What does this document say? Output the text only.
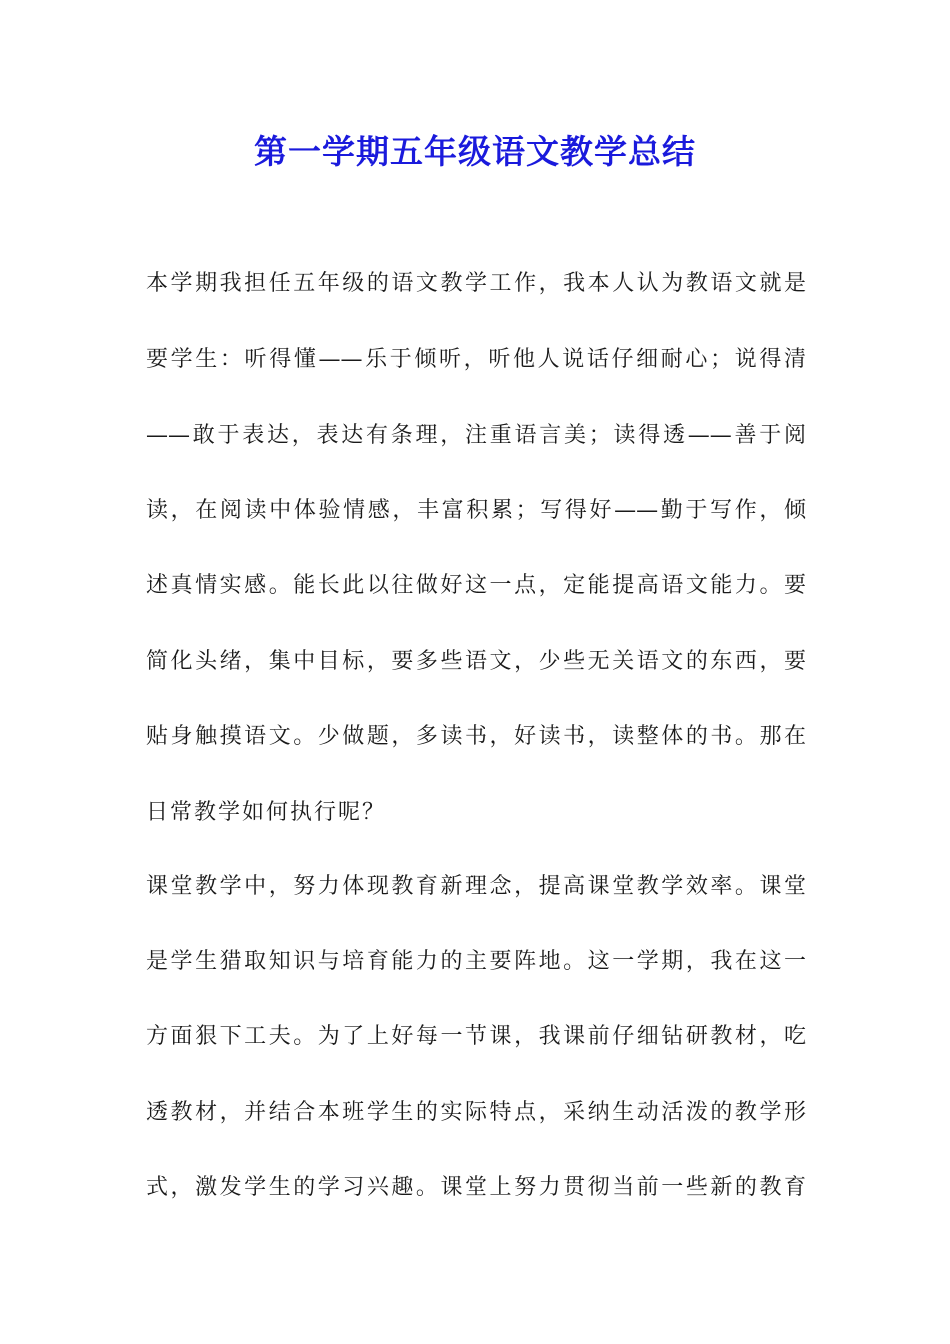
第一学期五年级语文教学总结
本学期我担任五年级的语文教学工作，我本人认为教语文就是
要学生：听得懂——乐于倾听，听他人说话仔细耐心；说得清
——敢于表达，表达有条理，注重语言美；读得透——善于阅
读，在阅读中体验情感，丰富积累；写得好——勤于写作，倾
述真情实感。能长此以往做好这一点，定能提高语文能力。要
简化头绪，集中目标，要多些语文，少些无关语文的东西，要
贴身触摸语文。少做题，多读书，好读书，读整体的书。那在
日常教学如何执行呢？
课堂教学中，努力体现教育新理念，提高课堂教学效率。课堂
是学生猎取知识与培育能力的主要阵地。这一学期，我在这一
方面狠下工夫。为了上好每一节课，我课前仔细钻研教材，吃
透教材，并结合本班学生的实际特点，采纳生动活泼的教学形
式，激发学生的学习兴趣。课堂上努力贯彻当前一些新的教育
